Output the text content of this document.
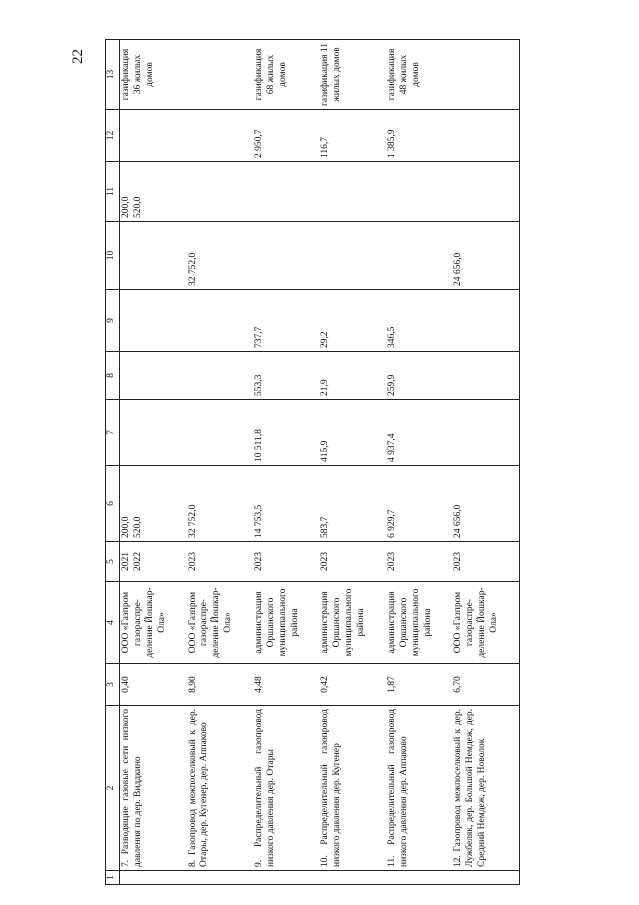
22
1	2	3	4	5	6	7	8	9	10	11	12	13
	7. Разводящие газовые сети низкого давления по дер. Виддкино	0,40	ООО «Газпром газораспре-деление Йошкар-Ола»	2021 2022	200,0 520,0					200,0 520,0		газификация 36 жилых домов
	8. Газопровод межпоселковый к дер. Отары, дер. Кугенер, дер. Аппаково	8,90	ООО «Газпром газораспре-деление Йошкар-Ола»	2023	32 752,0				32 752,0			
	9. Распределительный газопровод низкого давления дер. Отары	4,48	администрация Оршанского муниципального района	2023	14 753,5	10 511,8	553,3	737,7			2 950,7	газификация 68 жилых домов
	10. Распределительный газопровод низкого давления дер. Кугенер	0,42	администрация Оршанского муниципального района	2023	583,7	415,9	21,9	29,2			116,7	газификация 11 жилых домов
	11. Распределительный газопровод низкого давления дер. Аппаково	1,87	администрация Оршанского муниципального района	2023	6 929,7	4 937,4	259,9	346,5			1 385,9	газификация 48 жилых домов
	12. Газопровод межпоселковый к дер. Лужбеляк, дер. Большой Немдеж, дер. Средний Немдеж, дер. Новолок	6,70	ООО «Газпром газораспре-деление Йошкар-Ола»	2023	24 656,0				24 656,0			
